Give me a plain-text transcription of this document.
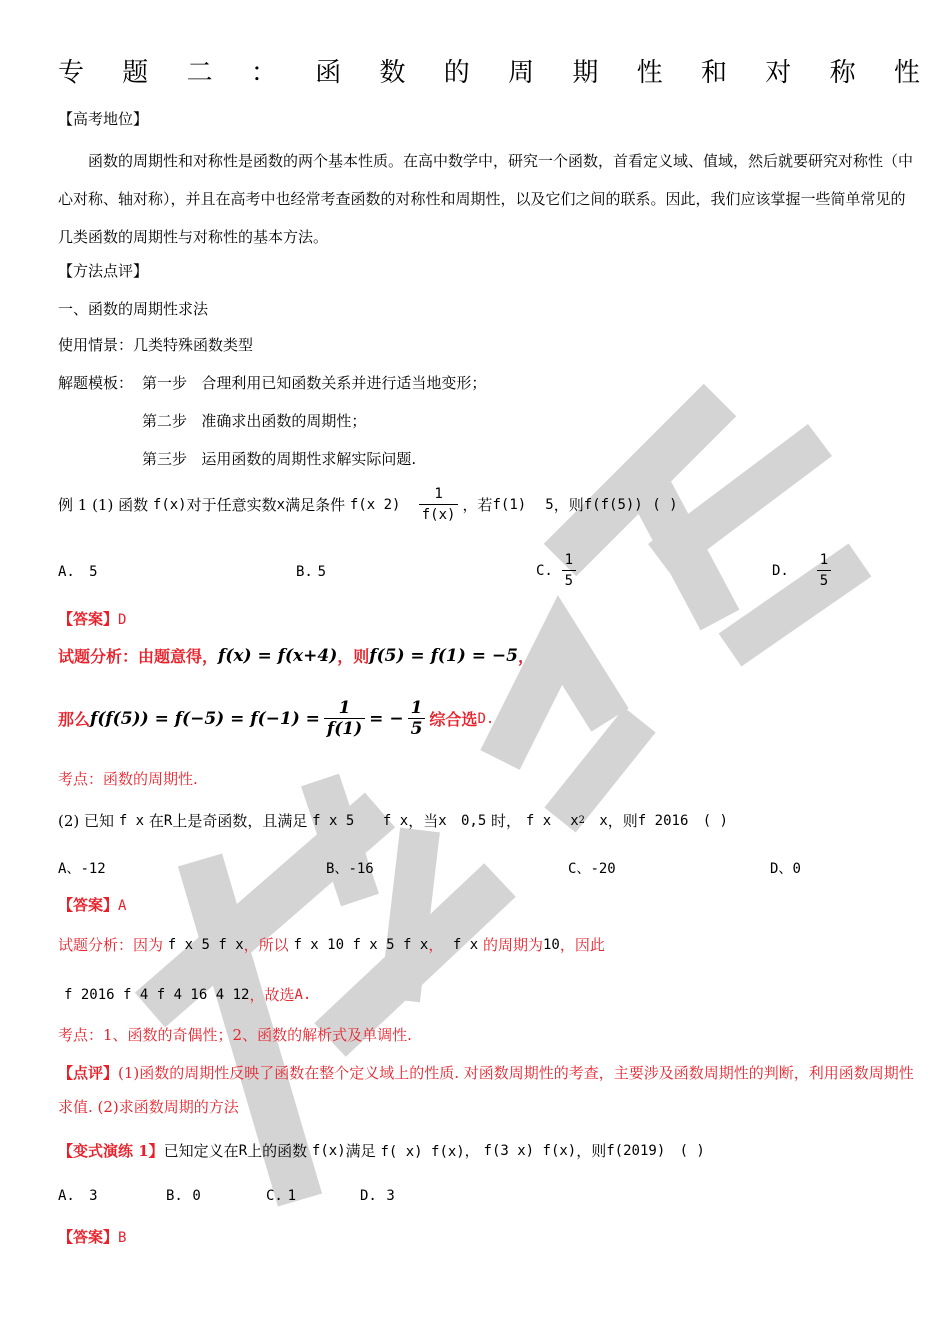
专 题 二 ： 函 数 的 周 期 性 和 对 称 性
【高考地位】
函数的周期性和对称性是函数的两个基本性质。在高中数学中，研究一个函数，首看定义域、值域，然后就要研究对称性（中心对称、轴对称），并且在高考中也经常考查函数的对称性和周期性，以及它们之间的联系。因此，我们应该掌握一些简单常见的几类函数的周期性与对称性的基本方法。
【方法点评】
一、函数的周期性求法
使用情景：几类特殊函数类型
解题模板： 第一步 合理利用已知函数关系并进行适当地变形；
第二步 准确求出函数的周期性；
第三步 运用函数的周期性求解实际问题.
例 1 (1) 函数
f(x) 对于任意实数 x 满足条件
f(x 2)
$\frac{1}{f(x)}$ ，若 f(1)
5 ，则 f(f(5))
( )
A. 5	B. 5	C.
$\frac{1}{5}$	D.
$\frac{1}{5}$
【答案】D
试题分析：由题意得， f(x) = f(x+4) ，则 f(5) = f(1) = −5 ，
那么 $f(f(5)) = f(-5) = f(-1) = \frac{1}{f(1)}$ = − $\frac{1}{5}$ 综合选 D.
考点：函数的周期性.
(2) 已知
f x
在 R 上是奇函数，且满足
f x 5
f x ，当 x
0,5
时，
f x
x 2
x ，则 f 2016
( )
A、-12	B、-16	C、-20	D、0
【答案】A
试题分析：因为
f x 5 f x ，所以
f x 10 f x 5 f x ，
f x
的周期为 10 ，因此
f 2016 f 4 f 4 16 4 12 ，故选 A.
考点：1、函数的奇偶性；2、函数的解析式及单调性.
【点评】(1)函数的周期性反映了函数在整个定义域上的性质. 对函数周期性的考查，主要涉及函数周期性的判断，利用函数周期性求值. (2)求函数周期的方法
【变式演练 1】 已知定义在 R 上的函数
f(x) 满足
f( x) f(x)，
f(3 x) f(x) ，则 f(2019)
( )
A. 3	B. 0	C. 1	D. 3
【答案】B
